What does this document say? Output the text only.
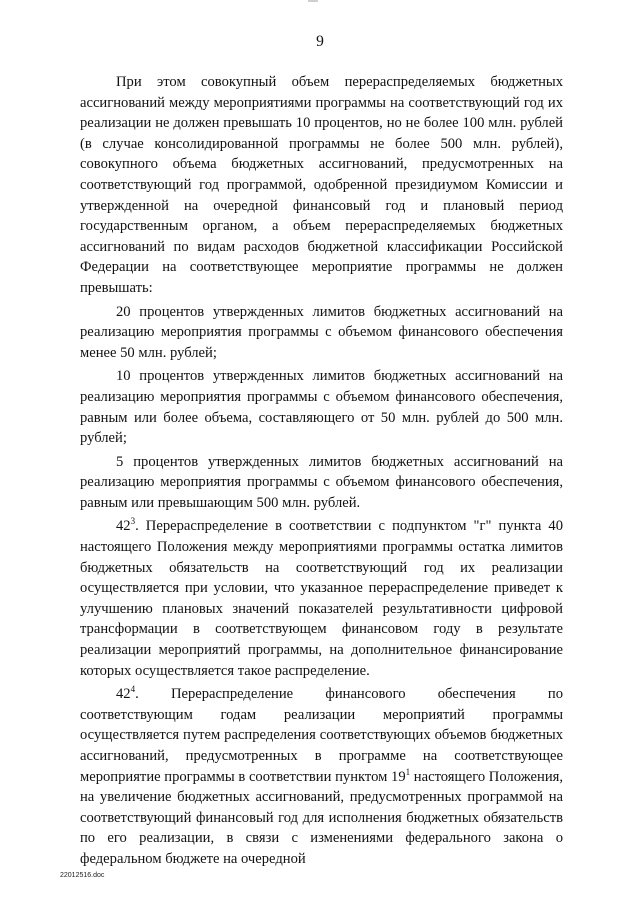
9

При этом совокупный объем перераспределяемых бюджетных ассигнований между мероприятиями программы на соответствующий год их реализации не должен превышать 10 процентов, но не более 100 млн. рублей (в случае консолидированной программы не более 500 млн. рублей), совокупного объема бюджетных ассигнований, предусмотренных на соответствующий год программой, одобренной президиумом Комиссии и утвержденной на очередной финансовый год и плановый период государственным органом, а объем перераспределяемых бюджетных ассигнований по видам расходов бюджетной классификации Российской Федерации на соответствующее мероприятие программы не должен превышать:

20 процентов утвержденных лимитов бюджетных ассигнований на реализацию мероприятия программы с объемом финансового обеспечения менее 50 млн. рублей;

10 процентов утвержденных лимитов бюджетных ассигнований на реализацию мероприятия программы с объемом финансового обеспечения, равным или более объема, составляющего от 50 млн. рублей до 500 млн. рублей;

5 процентов утвержденных лимитов бюджетных ассигнований на реализацию мероприятия программы с объемом финансового обеспечения, равным или превышающим 500 млн. рублей.

$42^3$. Перераспределение в соответствии с подпунктом "г" пункта 40 настоящего Положения между мероприятиями программы остатка лимитов бюджетных обязательств на соответствующий год их реализации осуществляется при условии, что указанное перераспределение приведет к улучшению плановых значений показателей результативности цифровой трансформации в соответствующем финансовом году в результате реализации мероприятий программы, на дополнительное финансирование которых осуществляется такое распределение.

$42^4$. Перераспределение финансового обеспечения по соответствующим годам реализации мероприятий программы осуществляется путем распределения соответствующих объемов бюджетных ассигнований, предусмотренных в программе на соответствующее мероприятие программы в соответствии пунктом $19^1$ настоящего Положения, на увеличение бюджетных ассигнований, предусмотренных программой на соответствующий финансовый год для исполнения бюджетных обязательств по его реализации, в связи с изменениями федерального закона о федеральном бюджете на очередной

22012516.doc
